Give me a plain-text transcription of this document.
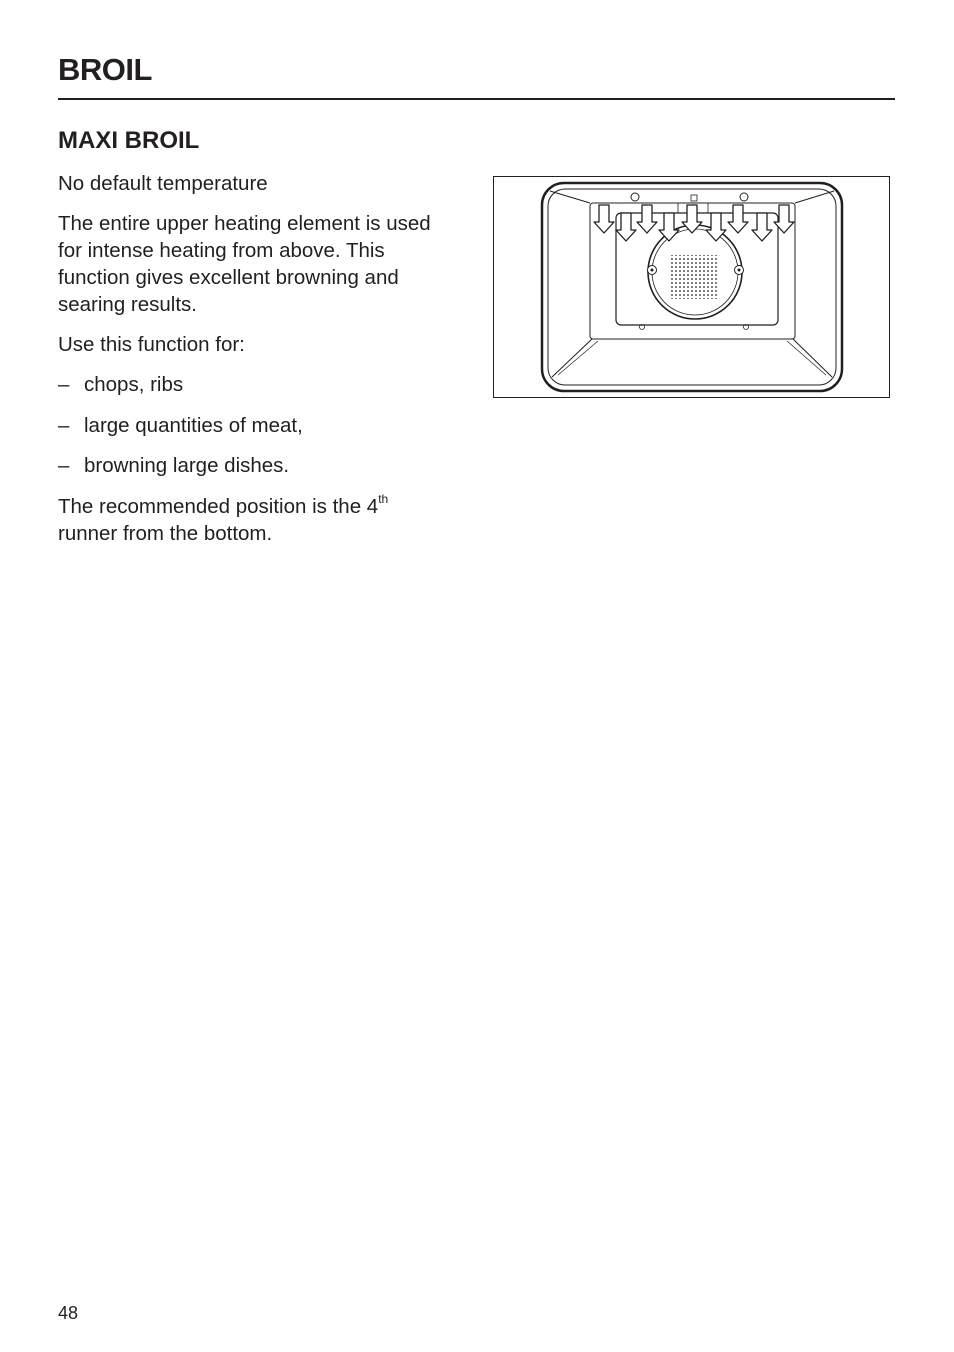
BROIL
MAXI BROIL

No default temperature

The entire upper heating element is used for intense heating from above. This function gives excellent browning and searing results.

Use this function for:

– chops, ribs
– large quantities of meat,
– browning large dishes.

The recommended position is the 4th
runner from the bottom.

48
